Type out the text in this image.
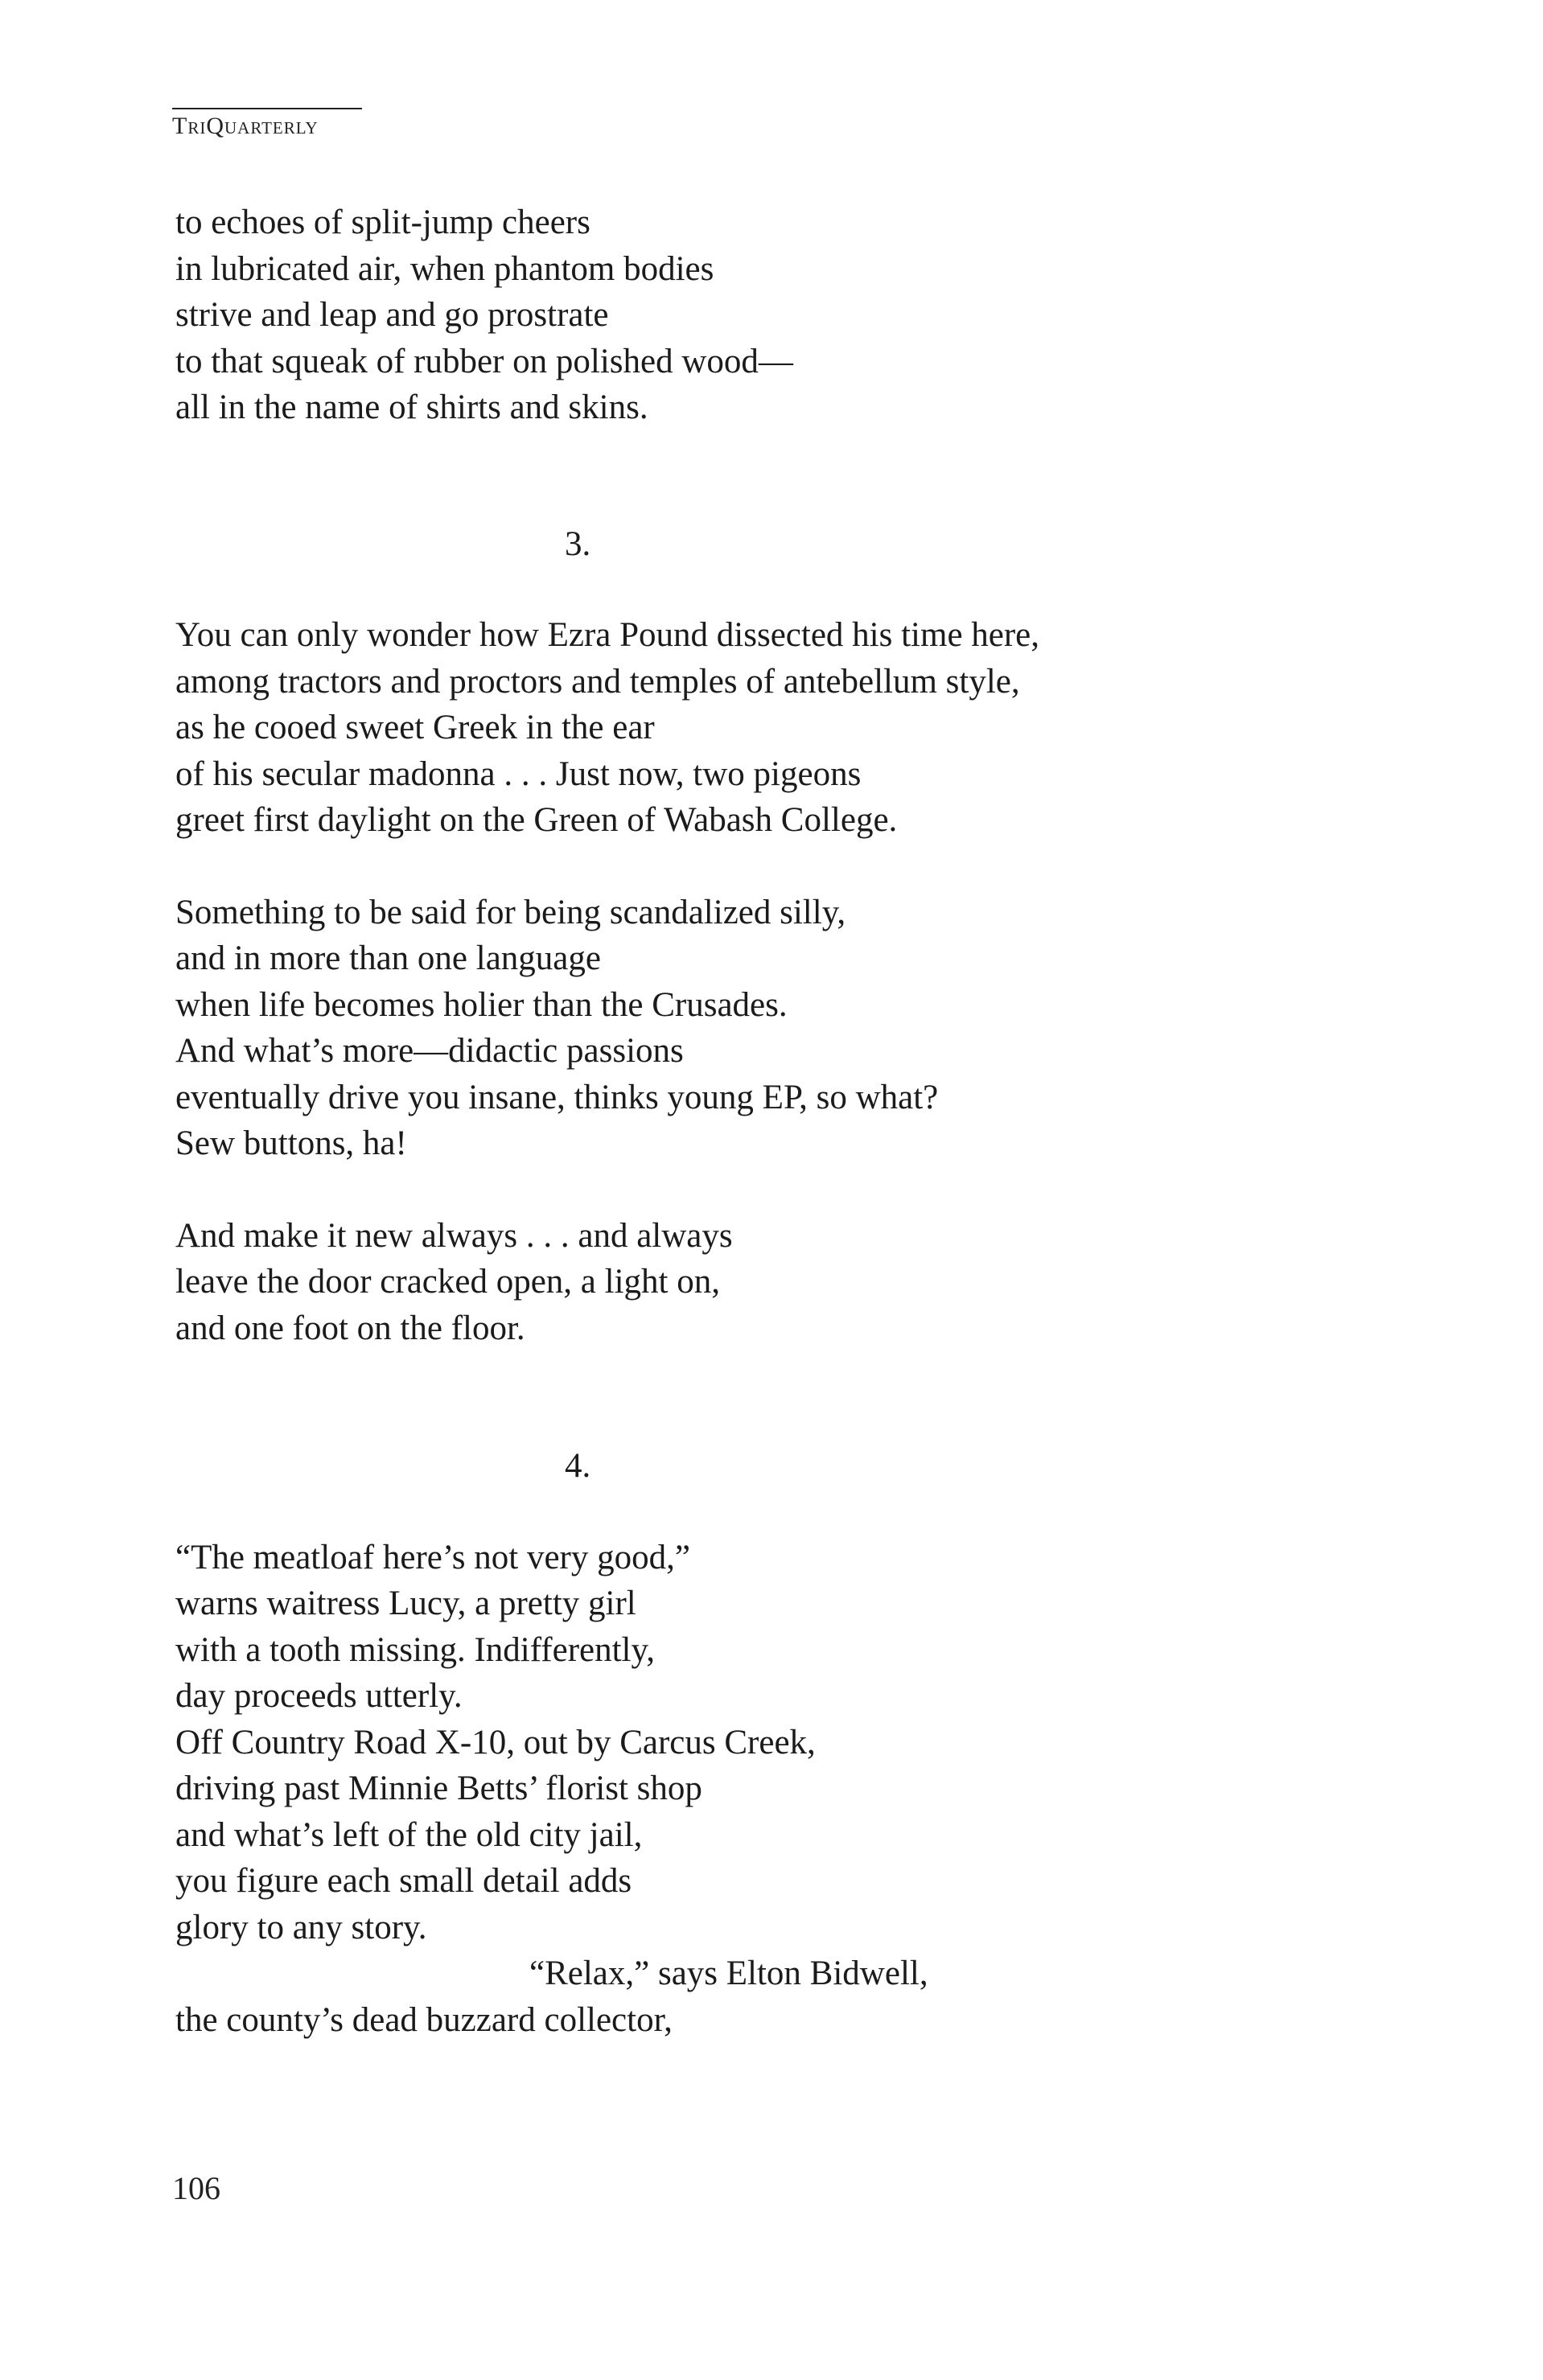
TriQuarterly
to echoes of split-jump cheers
in lubricated air, when phantom bodies
strive and leap and go prostrate
to that squeak of rubber on polished wood—
all in the name of shirts and skins.
3.
You can only wonder how Ezra Pound dissected his time here,
among tractors and proctors and temples of antebellum style,
as he cooed sweet Greek in the ear
of his secular madonna . . . Just now, two pigeons
greet first daylight on the Green of Wabash College.
Something to be said for being scandalized silly,
and in more than one language
when life becomes holier than the Crusades.
And what’s more—didactic passions
eventually drive you insane, thinks young EP, so what?
Sew buttons, ha!
And make it new always . . . and always
leave the door cracked open, a light on,
and one foot on the floor.
4.
“The meatloaf here’s not very good,”
warns waitress Lucy, a pretty girl
with a tooth missing. Indifferently,
day proceeds utterly.
Off Country Road X-10, out by Carcus Creek,
driving past Minnie Betts’ florist shop
and what’s left of the old city jail,
you figure each small detail adds
glory to any story.
“Relax,” says Elton Bidwell,
the county’s dead buzzard collector,
106
